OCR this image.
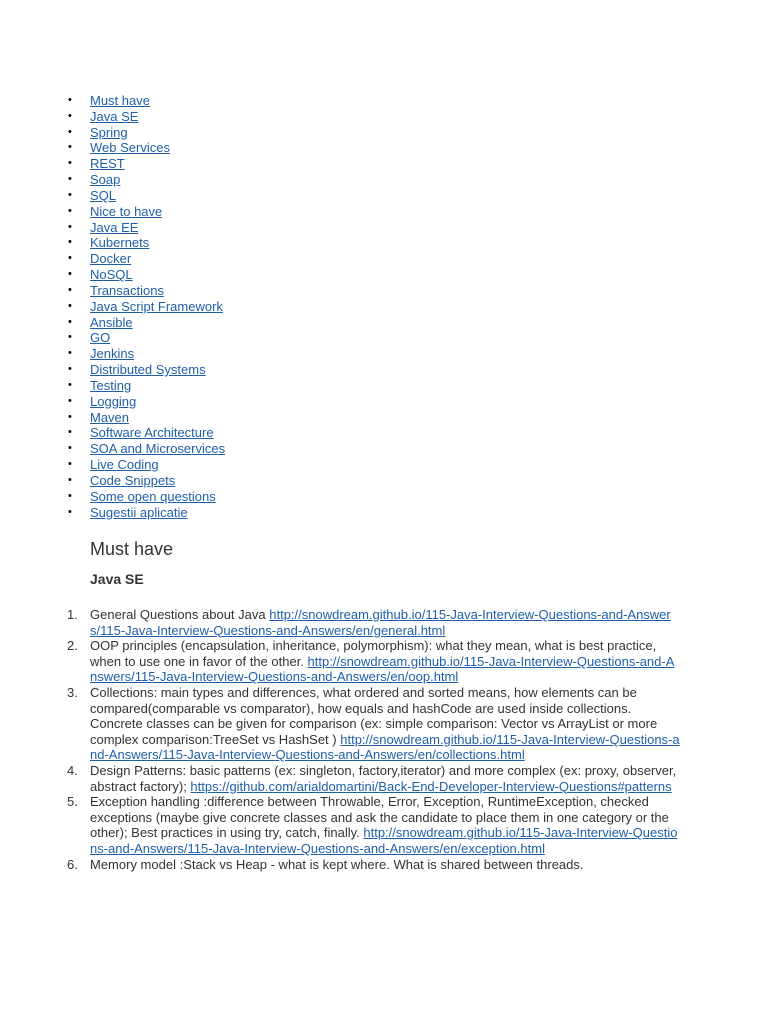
• Must have
• Java SE
• Spring
• Web Services
• REST
• Soap
• SQL
• Nice to have
• Java EE
• Kubernets
• Docker
• NoSQL
• Transactions
• Java Script Framework
• Ansible
• GO
• Jenkins
• Distributed Systems
• Testing
• Logging
• Maven
• Software Architecture
• SOA and Microservices
• Live Coding
• Code Snippets
• Some open questions
• Sugestii aplicatie
Must have
Java SE
1. General Questions about Java http://snowdream.github.io/115-Java-Interview-Questions-and-Answers/115-Java-Interview-Questions-and-Answers/en/general.html
2. OOP principles (encapsulation, inheritance, polymorphism): what they mean, what is best practice, when to use one in favor of the other. http://snowdream.github.io/115-Java-Interview-Questions-and-Answers/115-Java-Interview-Questions-and-Answers/en/oop.html
3. Collections: main types and differences, what ordered and sorted means, how elements can be compared(comparable vs comparator), how equals and hashCode are used inside collections. Concrete classes can be given for comparison (ex: simple comparison: Vector vs ArrayList or more complex comparison:TreeSet vs HashSet ) http://snowdream.github.io/115-Java-Interview-Questions-and-Answers/115-Java-Interview-Questions-and-Answers/en/collections.html
4. Design Patterns: basic patterns (ex: singleton, factory,iterator) and more complex (ex: proxy, observer, abstract factory); https://github.com/arialdomartini/Back-End-Developer-Interview-Questions#patterns
5. Exception handling :difference between Throwable, Error, Exception, RuntimeException, checked exceptions (maybe give concrete classes and ask the candidate to place them in one category or the other); Best practices in using try, catch, finally. http://snowdream.github.io/115-Java-Interview-Questions-and-Answers/115-Java-Interview-Questions-and-Answers/en/exception.html
6. Memory model :Stack vs Heap - what is kept where. What is shared between threads.
